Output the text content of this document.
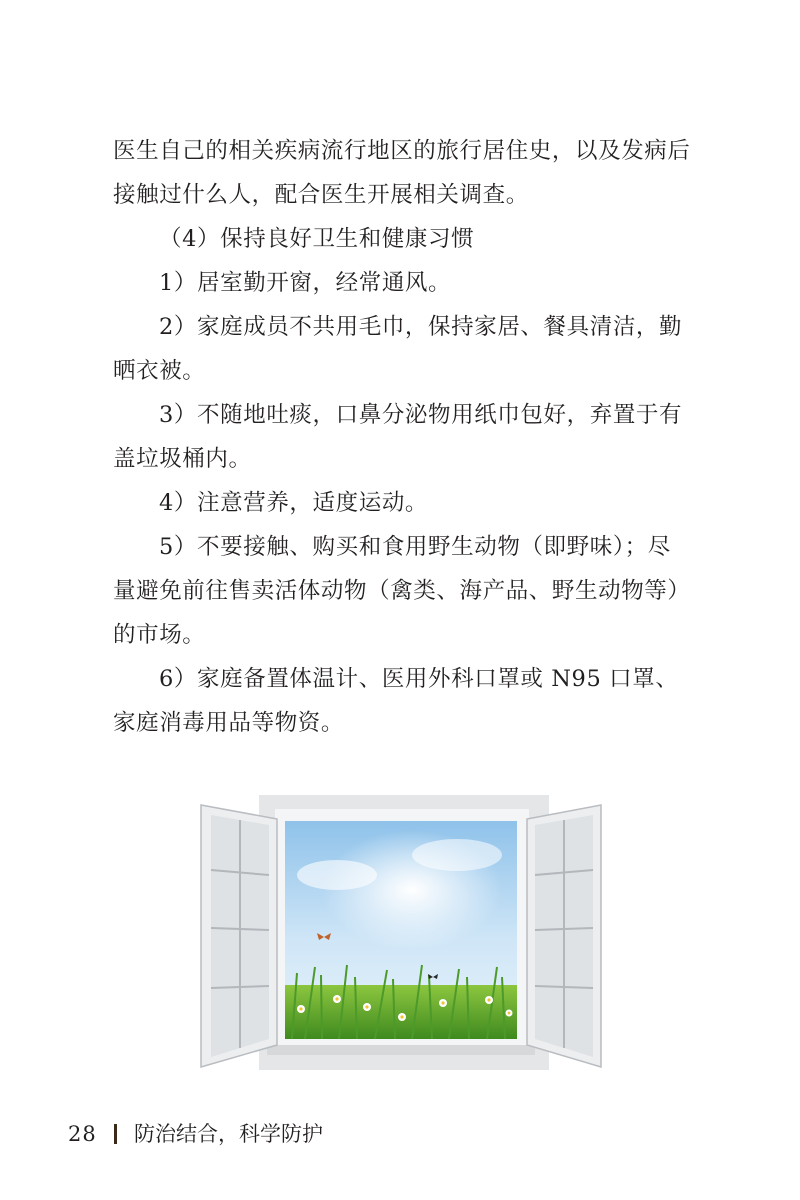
医生自己的相关疾病流行地区的旅行居住史，以及发病后接触过什么人，配合医生开展相关调查。

（4）保持良好卫生和健康习惯

1）居室勤开窗，经常通风。

2）家庭成员不共用毛巾，保持家居、餐具清洁，勤晒衣被。

3）不随地吐痰，口鼻分泌物用纸巾包好，弃置于有盖垃圾桶内。

4）注意营养，适度运动。

5）不要接触、购买和食用野生动物（即野味）；尽量避免前往售卖活体动物（禽类、海产品、野生动物等）的市场。

6）家庭备置体温计、医用外科口罩或 N95 口罩、家庭消毒用品等物资。

28 防治结合，科学防护
